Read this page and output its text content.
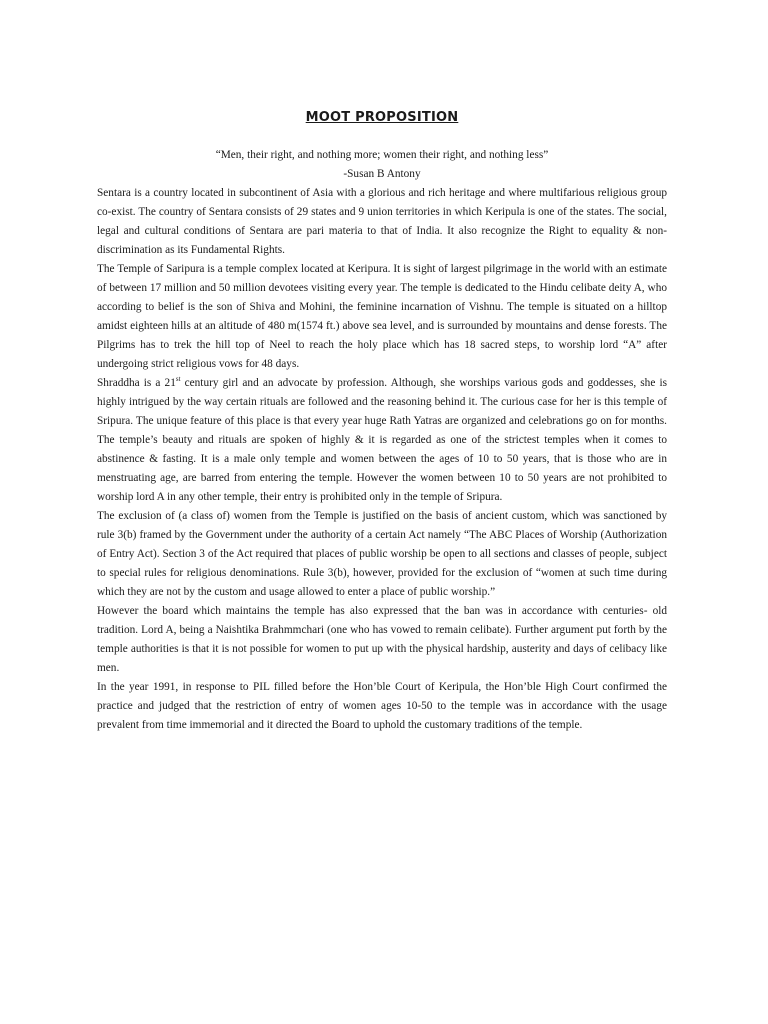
MOOT PROPOSITION

“Men, their right, and nothing more; women their right, and nothing less”

-Susan B Antony

Sentara is a country located in subcontinent of Asia with a glorious and rich heritage and where multifarious religious group co-exist. The country of Sentara consists of 29 states and 9 union territories in which Keripula is one of the states. The social, legal and cultural conditions of Sentara are pari materia to that of India. It also recognize the Right to equality & non- discrimination as its Fundamental Rights.

The Temple of Saripura is a temple complex located at Keripura. It is sight of largest pilgrimage in the world with an estimate of between 17 million and 50 million devotees visiting every year. The temple is dedicated to the Hindu celibate deity A, who according to belief is the son of Shiva and Mohini, the feminine incarnation of Vishnu. The temple is situated on a hilltop amidst eighteen hills at an altitude of 480 m(1574 ft.) above sea level, and is surrounded by mountains and dense forests. The Pilgrims has to trek the hill top of Neel to reach the holy place which has 18 sacred steps, to worship lord “A” after undergoing strict religious vows for 48 days.

Shraddha is a 21st century girl and an advocate by profession. Although, she worships various gods and goddesses, she is highly intrigued by the way certain rituals are followed and the reasoning behind it. The curious case for her is this temple of Sripura. The unique feature of this place is that every year huge Rath Yatras are organized and celebrations go on for months. The temple’s beauty and rituals are spoken of highly & it is regarded as one of the strictest temples when it comes to abstinence & fasting. It is a male only temple and women between the ages of 10 to 50 years, that is those who are in menstruating age, are barred from entering the temple. However the women between 10 to 50 years are not prohibited to worship lord A in any other temple, their entry is prohibited only in the temple of Sripura.

The exclusion of (a class of) women from the Temple is justified on the basis of ancient custom, which was sanctioned by rule 3(b) framed by the Government under the authority of a certain Act namely “The ABC Places of Worship (Authorization of Entry Act). Section 3 of the Act required that places of public worship be open to all sections and classes of people, subject to special rules for religious denominations. Rule 3(b), however, provided for the exclusion of “women at such time during which they are not by the custom and usage allowed to enter a place of public worship.”

However the board which maintains the temple has also expressed that the ban was in accordance with centuries- old tradition. Lord A, being a Naishtika Brahmmchari (one who has vowed to remain celibate). Further argument put forth by the temple authorities is that it is not possible for women to put up with the physical hardship, austerity and days of celibacy like men.

In the year 1991, in response to PIL filled before the Hon’ble Court of Keripula, the Hon’ble High Court confirmed the practice and judged that the restriction of entry of women ages 10-50 to the temple was in accordance with the usage prevalent from time immemorial and it directed the Board to uphold the customary traditions of the temple.
